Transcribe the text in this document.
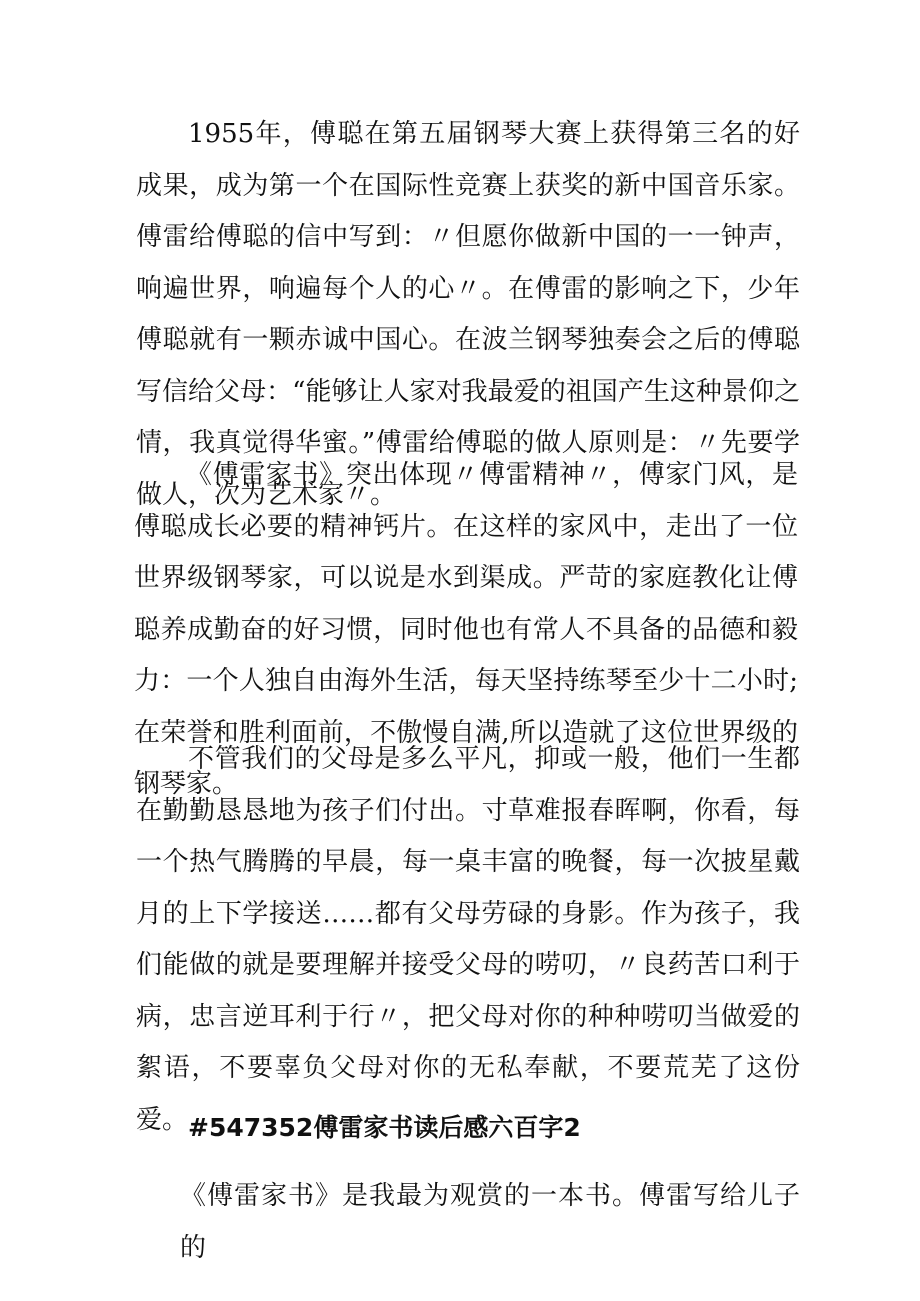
1955年，傅聪在第五届钢琴大赛上获得第三名的好成果，成为第一个在国际性竞赛上获奖的新中国音乐家。傅雷给傅聪的信中写到：〃但愿你做新中国的一一钟声，响遍世界，响遍每个人的心〃。在傅雷的影响之下，少年傅聪就有一颗赤诚中国心。在波兰钢琴独奏会之后的傅聪写信给父母：“能够让人家对我最爱的祖国产生这种景仰之情，我真觉得华蜜。”傅雷给傅聪的做人原则是：〃先要学做人，次为艺术家〃。

《傅雷家书》突出体现〃傅雷精神〃，傅家门风，是傅聪成长必要的精神钙片。在这样的家风中，走出了一位世界级钢琴家，可以说是水到渠成。严苛的家庭教化让傅聪养成勤奋的好习惯，同时他也有常人不具备的品德和毅力：一个人独自由海外生活，每天坚持练琴至少十二小时;在荣誉和胜利面前，不傲慢自满,所以造就了这位世界级的钢琴家。

不管我们的父母是多么平凡，抑或一般，他们一生都在勤勤恳恳地为孩子们付出。寸草难报春晖啊，你看，每一个热气腾腾的早晨，每一桌丰富的晚餐，每一次披星戴月的上下学接送……都有父母劳碌的身影。作为孩子，我们能做的就是要理解并接受父母的唠叨，〃良药苦口利于病，忠言逆耳利于行〃，把父母对你的种种唠叨当做爱的絮语，不要辜负父母对你的无私奉献，不要荒芜了这份爱。 #547352傅雷家书读后感六百字2

《傅雷家书》是我最为观赏的一本书。傅雷写给儿子的
